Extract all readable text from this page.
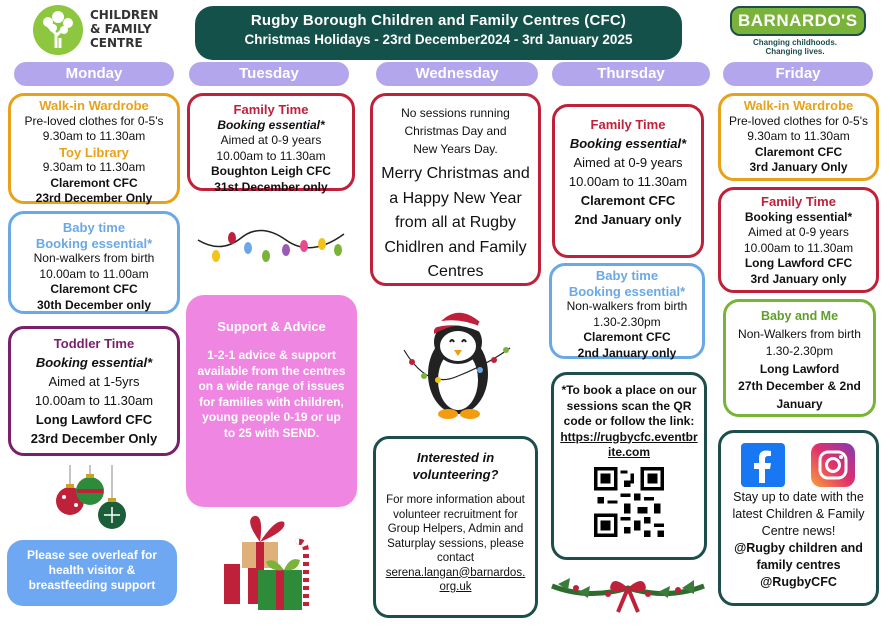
CHILDREN
& FAMILY
CENTRE
Rugby Borough Children and Family Centres (CFC)
Christmas Holidays - 23rd December2024 - 3rd January 2025
BARNARDO'S
Changing childhoods.
Changing lives.
Monday	Tuesday	Wednesday	Thursday	Friday
Walk-in Wardrobe
Pre-loved clothes for 0-5's
9.30am to 11.30am
Toy Library
9.30am to 11.30am
Claremont CFC
23rd December Only
Baby time
Booking essential*
Non-walkers from birth
10.00am to 11.00am
Claremont CFC
30th December only
Toddler Time
Booking essential*
Aimed at 1-5yrs
10.00am to 11.30am
Long Lawford CFC
23rd December Only
Please see overleaf for health visitor & breastfeeding support
Family Time
Booking essential*
Aimed at 0-9 years
10.00am to 11.30am
Boughton Leigh CFC
31st December only
Support & Advice
1-2-1 advice & support available from the centres on a wide range of issues for families with children, young people 0-19 or up to 25 with SEND.
No sessions running
Christmas Day and
New Years Day.
Merry Christmas and a Happy New Year from all at Rugby Chidlren and Family Centres
Interested in volunteering?
For more information about volunteer recruitment for Group Helpers, Admin and Saturplay sessions, please contact
serena.langan@barnardos.org.uk
Family Time
Booking essential*
Aimed at 0-9 years
10.00am to 11.30am
Claremont CFC
2nd January only
Baby time
Booking essential*
Non-walkers from birth
1.30-2.30pm
Claremont CFC
2nd January only
*To book a place on our sessions scan the QR code or follow the link:
https://rugbycfc.eventbrite.com
Walk-in Wardrobe
Pre-loved clothes for 0-5's
9.30am to 11.30am
Claremont CFC
3rd January Only
Family Time
Booking essential*
Aimed at 0-9 years
10.00am to 11.30am
Long Lawford CFC
3rd January only
Baby and Me
Non-Walkers from birth
1.30-2.30pm
Long Lawford
27th December & 2nd January
Stay up to date with the latest Children & Family Centre news!
@Rugby children and family centres
@RugbyCFC
